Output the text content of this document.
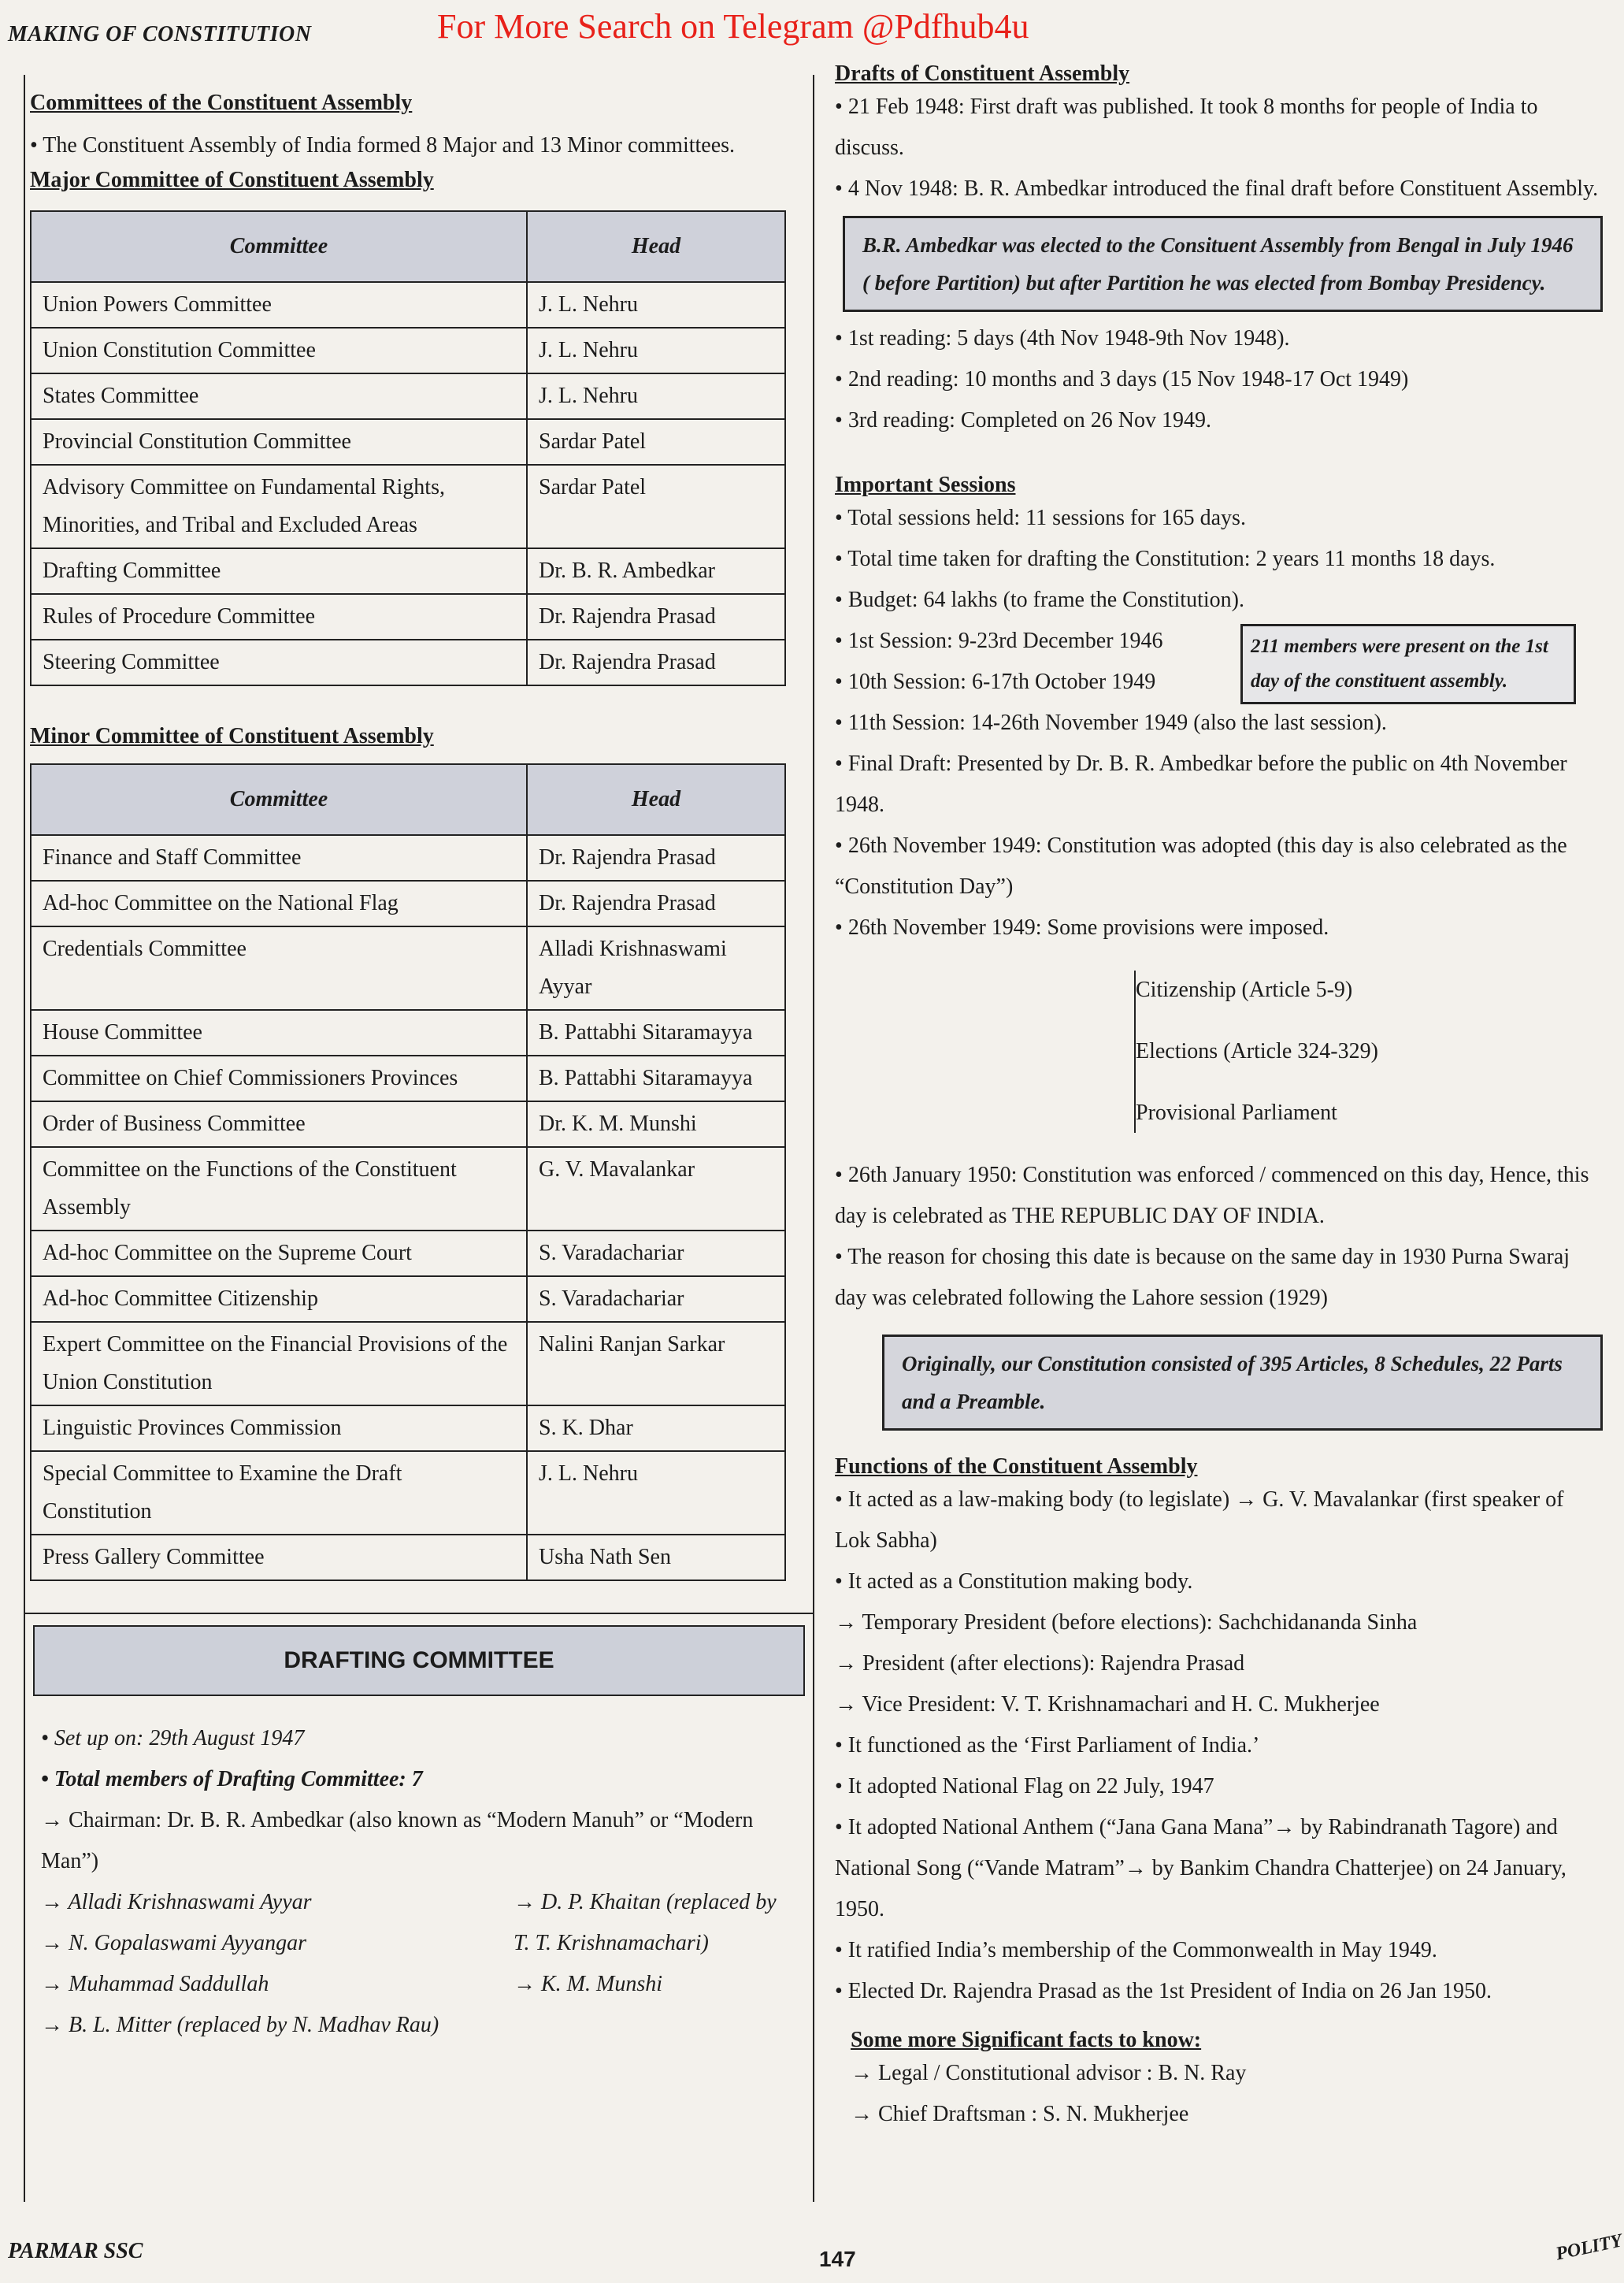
MAKING OF CONSTITUTION	For More Search on Telegram @Pdfhub4u

Committees of the Constituent Assembly

• The Constituent Assembly of India formed 8 Major and 13 Minor committees.

Major Committee of Constituent Assembly

Committee	Head
Union Powers Committee	J. L. Nehru
Union Constitution Committee	J. L. Nehru
States Committee	J. L. Nehru
Provincial Constitution Committee	Sardar Patel
Advisory Committee on Fundamental Rights, Minorities, and Tribal and Excluded Areas	Sardar Patel
Drafting Committee	Dr. B. R. Ambedkar
Rules of Procedure Committee	Dr. Rajendra Prasad
Steering Committee	Dr. Rajendra Prasad

Minor Committee of Constituent Assembly

Committee	Head
Finance and Staff Committee	Dr. Rajendra Prasad
Ad-hoc Committee on the National Flag	Dr. Rajendra Prasad
Credentials Committee	Alladi Krishnaswami Ayyar
House Committee	B. Pattabhi Sitaramayya
Committee on Chief Commissioners Provinces	B. Pattabhi Sitaramayya
Order of Business Committee	Dr. K. M. Munshi
Committee on the Functions of the Constituent Assembly	G. V. Mavalankar
Ad-hoc Committee on the Supreme Court	S. Varadachariar
Ad-hoc Committee Citizenship	S. Varadachariar
Expert Committee on the Financial Provisions of the Union Constitution	Nalini Ranjan Sarkar
Linguistic Provinces Commission	S. K. Dhar
Special Committee to Examine the Draft Constitution	J. L. Nehru
Press Gallery Committee	Usha Nath Sen
DRAFTING COMMITTEE

• Set up on: 29th August 1947

• Total members of Drafting Committee: 7

→ Chairman: Dr. B. R. Ambedkar (also known as “Modern Manuh” or “Modern Man”)

→ Alladi Krishnaswami Ayyar

→ N. Gopalaswami Ayyangar

→ Muhammad Saddullah

→ B. L. Mitter (replaced by N. Madhav Rau)

→ D. P. Khaitan (replaced by T. T. Krishnamachari)

→ K. M. Munshi

Drafts of Constituent Assembly

• 21 Feb 1948: First draft was published. It took 8 months for people of India to discuss.

• 4 Nov 1948: B. R. Ambedkar introduced the final draft before Constituent Assembly.

B.R. Ambedkar was elected to the Consituent Assembly from Bengal in July 1946 ( before Partition) but after Partition he was elected from Bombay Presidency.

• 1st reading: 5 days (4th Nov 1948-9th Nov 1948).

• 2nd reading: 10 months and 3 days (15 Nov 1948-17 Oct 1949)

• 3rd reading: Completed on 26 Nov 1949.

Important Sessions

• Total sessions held: 11 sessions for 165 days.

• Total time taken for drafting the Constitution: 2 years 11 months 18 days.

• Budget: 64 lakhs (to frame the Constitution).

• 1st Session: 9-23rd December 1946

• 10th Session: 6-17th October 1949

• 11th Session: 14-26th November 1949 (also the last session).

• Final Draft: Presented by Dr. B. R. Ambedkar before the public on 4th November 1948.

• 26th November 1949: Constitution was adopted (this day is also celebrated as the “Constitution Day”)

• 26th November 1949: Some provisions were imposed.

211 members were present on the 1st day of the constituent assembly.

Citizenship (Article 5-9)

Elections (Article 324-329)

Provisional Parliament

• 26th January 1950: Constitution was enforced / commenced on this day, Hence, this day is celebrated as THE REPUBLIC DAY OF INDIA.

• The reason for chosing this date is because on the same day in 1930 Purna Swaraj day was celebrated following the Lahore session (1929)

Originally, our Constitution consisted of 395 Articles, 8 Schedules, 22 Parts and a Preamble.

Functions of the Constituent Assembly

• It acted as a law-making body (to legislate) → G. V. Mavalankar (first speaker of Lok Sabha)

• It acted as a Constitution making body.

→ Temporary President (before elections): Sachchidananda Sinha

→ President (after elections): Rajendra Prasad

→ Vice President: V. T. Krishnamachari and H. C. Mukherjee

• It functioned as the ‘First Parliament of India.’

• It adopted National Flag on 22 July, 1947

• It adopted National Anthem (“Jana Gana Mana”→ by Rabindranath Tagore) and National Song (“Vande Matram”→ by Bankim Chandra Chatterjee) on 24 January, 1950.

• It ratified India’s membership of the Commonwealth in May 1949.

• Elected Dr. Rajendra Prasad as the 1st President of India on 26 Jan 1950.

Some more Significant facts to know:

→ Legal / Constitutional advisor : B. N. Ray

→ Chief Draftsman : S. N. Mukherjee

PARMAR SSC	147	POLITY
